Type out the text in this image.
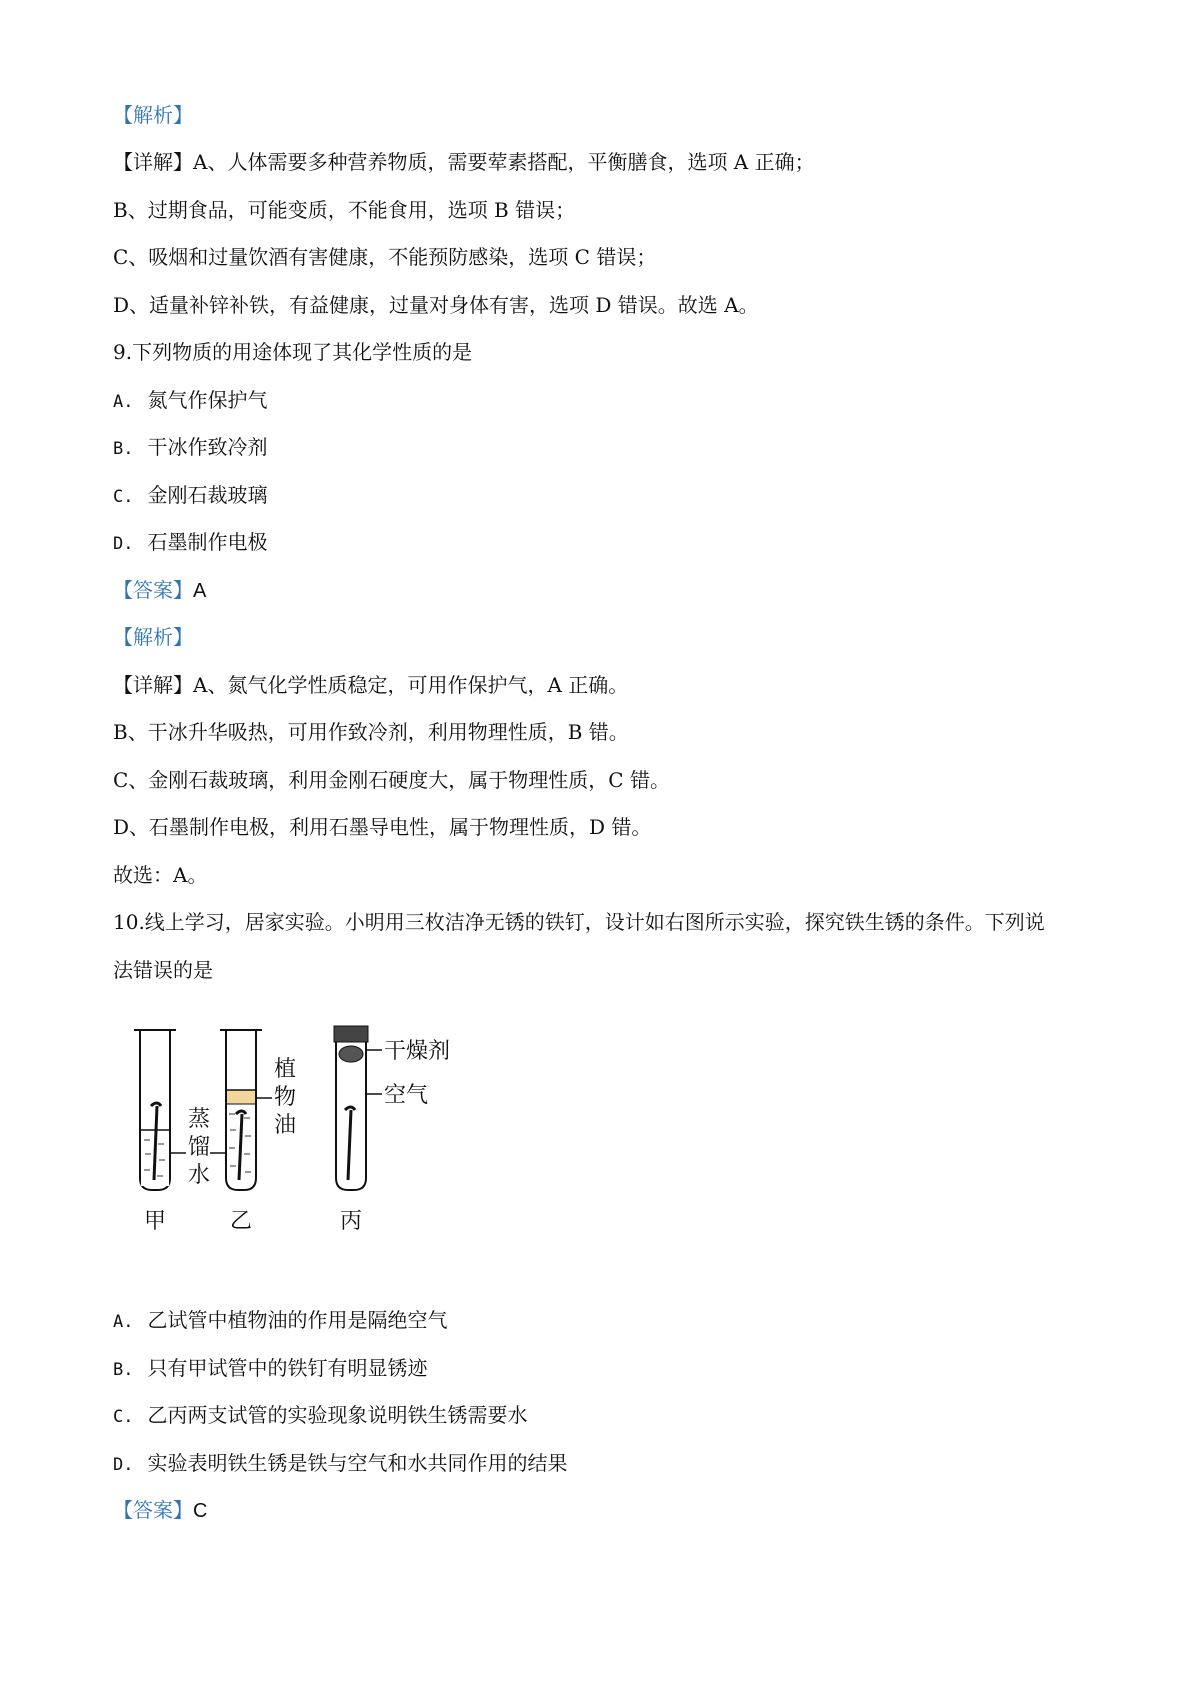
【解析】
【详解】A、人体需要多种营养物质，需要荤素搭配，平衡膳食，选项 A 正确；
B、过期食品，可能变质，不能食用，选项 B 错误；
C、吸烟和过量饮酒有害健康，不能预防感染，选项 C 错误；
D、适量补锌补铁，有益健康，过量对身体有害，选项 D 错误。故选 A。
9.下列物质的用途体现了其化学性质的是
A. 氮气作保护气
B. 干冰作致冷剂
C. 金刚石裁玻璃
D. 石墨制作电极
【答案】A
【解析】
【详解】A、氮气化学性质稳定，可用作保护气，A 正确。
B、干冰升华吸热，可用作致冷剂，利用物理性质，B 错。
C、金刚石裁玻璃，利用金刚石硬度大，属于物理性质，C 错。
D、石墨制作电极，利用石墨导电性，属于物理性质，D 错。
故选：A。
10.线上学习，居家实验。小明用三枚洁净无锈的铁钉，设计如右图所示实验，探究铁生锈的条件。下列说
法错误的是
蒸
馏
水
甲
植
物
油
乙
干燥剂
空气
丙
A. 乙试管中植物油的作用是隔绝空气
B. 只有甲试管中的铁钉有明显锈迹
C. 乙丙两支试管的实验现象说明铁生锈需要水
D. 实验表明铁生锈是铁与空气和水共同作用的结果
【答案】C
